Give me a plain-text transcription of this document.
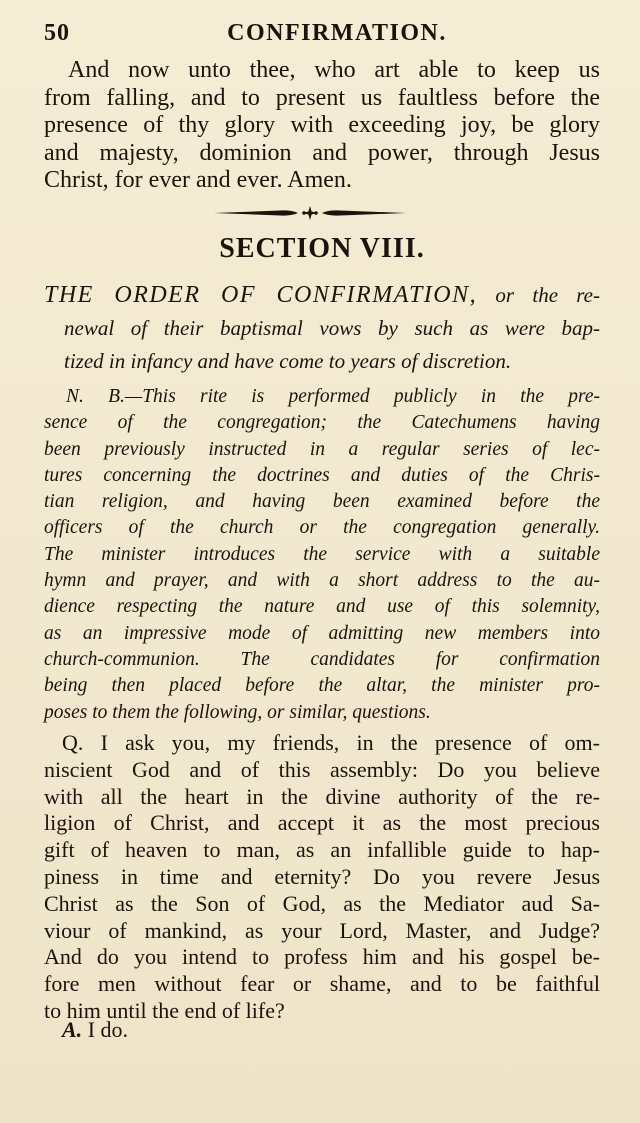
50	CONFIRMATION.
And now unto thee, who art able to keep us
from falling, and to present us faultless before the
presence of thy glory with exceeding joy, be glory
and majesty, dominion and power, through Jesus
Christ, for ever and ever. Amen.
SECTION VIII.
THE ORDER OF CONFIRMATION, or the re-
newal of their baptismal vows by such as were bap-
tized in infancy and have come to years of discretion.
N. B.—This rite is performed publicly in the pre-
sence of the congregation; the Catechumens having
been previously instructed in a regular series of lec-
tures concerning the doctrines and duties of the Chris-
tian religion, and having been examined before the
officers of the church or the congregation generally.
The minister introduces the service with a suitable
hymn and prayer, and with a short address to the au-
dience respecting the nature and use of this solemnity,
as an impressive mode of admitting new members into
church-communion. The candidates for confirmation
being then placed before the altar, the minister pro-
poses to them the following, or similar, questions.
Q. I ask you, my friends, in the presence of om-
niscient God and of this assembly: Do you believe
with all the heart in the divine authority of the re-
ligion of Christ, and accept it as the most precious
gift of heaven to man, as an infallible guide to hap-
piness in time and eternity? Do you revere Jesus
Christ as the Son of God, as the Mediator aud Sa-
viour of mankind, as your Lord, Master, and Judge?
And do you intend to profess him and his gospel be-
fore men without fear or shame, and to be faithful
to him until the end of life?
A. I do.
